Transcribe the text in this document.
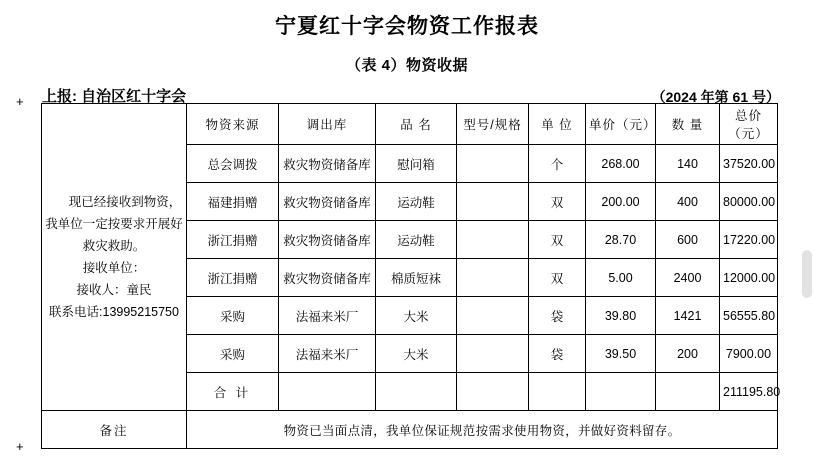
宁夏红十字会物资工作报表
（表 4）物资收据
上报: 自治区红十字会	（2024 年第 61 号）
+
+
现已经接收到物资，我单位一定按要求开展好救灾救助。
接收单位：
接收人：童民
联系电话:13995215750	物资来源	调出库	品 名	型号/规格	单 位	单价（元）	数 量	总价（元）
	总会调拨	救灾物资储备库	慰问箱		个	268.00	140	37520.00
	福建捐赠	救灾物资储备库	运动鞋		双	200.00	400	80000.00
	浙江捐赠	救灾物资储备库	运动鞋		双	28.70	600	17220.00
	浙江捐赠	救灾物资储备库	棉质短袜		双	5.00	2400	12000.00
	采购	法福来米厂	大米		袋	39.80	1421	56555.80
	采购	法福来米厂	大米		袋	39.50	200	7900.00
	合 计							211195.80
备注	物资已当面点清，我单位保证规范按需求使用物资，并做好资料留存。							
